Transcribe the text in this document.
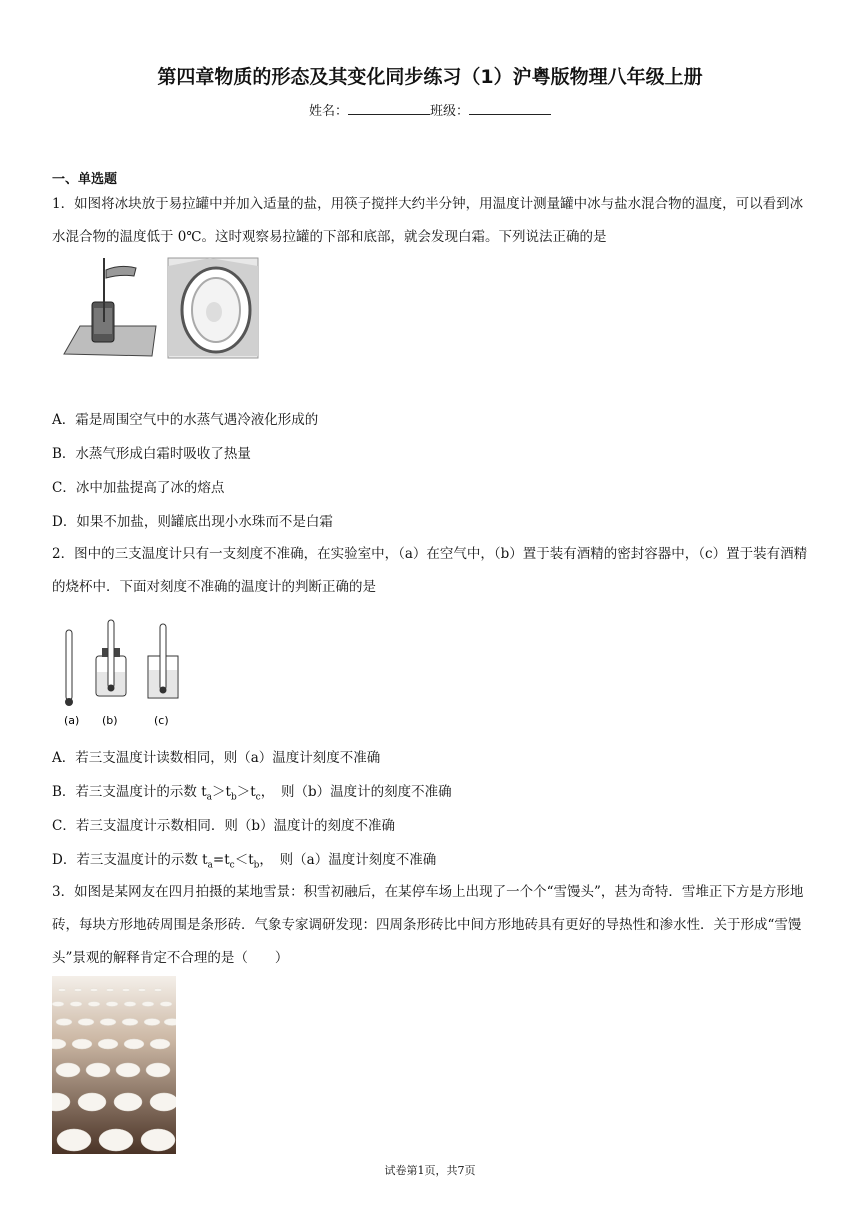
第四章物质的形态及其变化同步练习（1）沪粤版物理八年级上册
姓名：	班级：
一、单选题
1．如图将冰块放于易拉罐中并加入适量的盐，用筷子搅拌大约半分钟，用温度计测量罐中冰与盐水混合物的温度，可以看到冰水混合物的温度低于 0℃。这时观察易拉罐的下部和底部，就会发现白霜。下列说法正确的是
A．霜是周围空气中的水蒸气遇冷液化形成的
B．水蒸气形成白霜时吸收了热量
C．冰中加盐提高了冰的熔点
D．如果不加盐，则罐底出现小水珠而不是白霜
2．图中的三支温度计只有一支刻度不准确，在实验室中，（a）在空气中，（b）置于装有酒精的密封容器中，（c）置于装有酒精的烧杯中．下面对刻度不准确的温度计的判断正确的是
(a) (b)	(c)
A．若三支温度计读数相同，则（a）温度计刻度不准确
B．若三支温度计的示数 $t_a>t_b>t_c$，　则（b）温度计的刻度不准确
C．若三支温度计示数相同．则（b）温度计的刻度不准确
D．若三支温度计的示数 $t_a=t_c<t_b$，　则（a）温度计刻度不准确
3．如图是某网友在四月拍摄的某地雪景：积雪初融后，在某停车场上出现了一个个“雪馒头”，甚为奇特．雪堆正下方是方形地砖，每块方形地砖周围是条形砖．气象专家调研发现：四周条形砖比中间方形地砖具有更好的导热性和渗水性．关于形成“雪馒头”景观的解释肯定不合理的是（　　）
试卷第1页，共7页
